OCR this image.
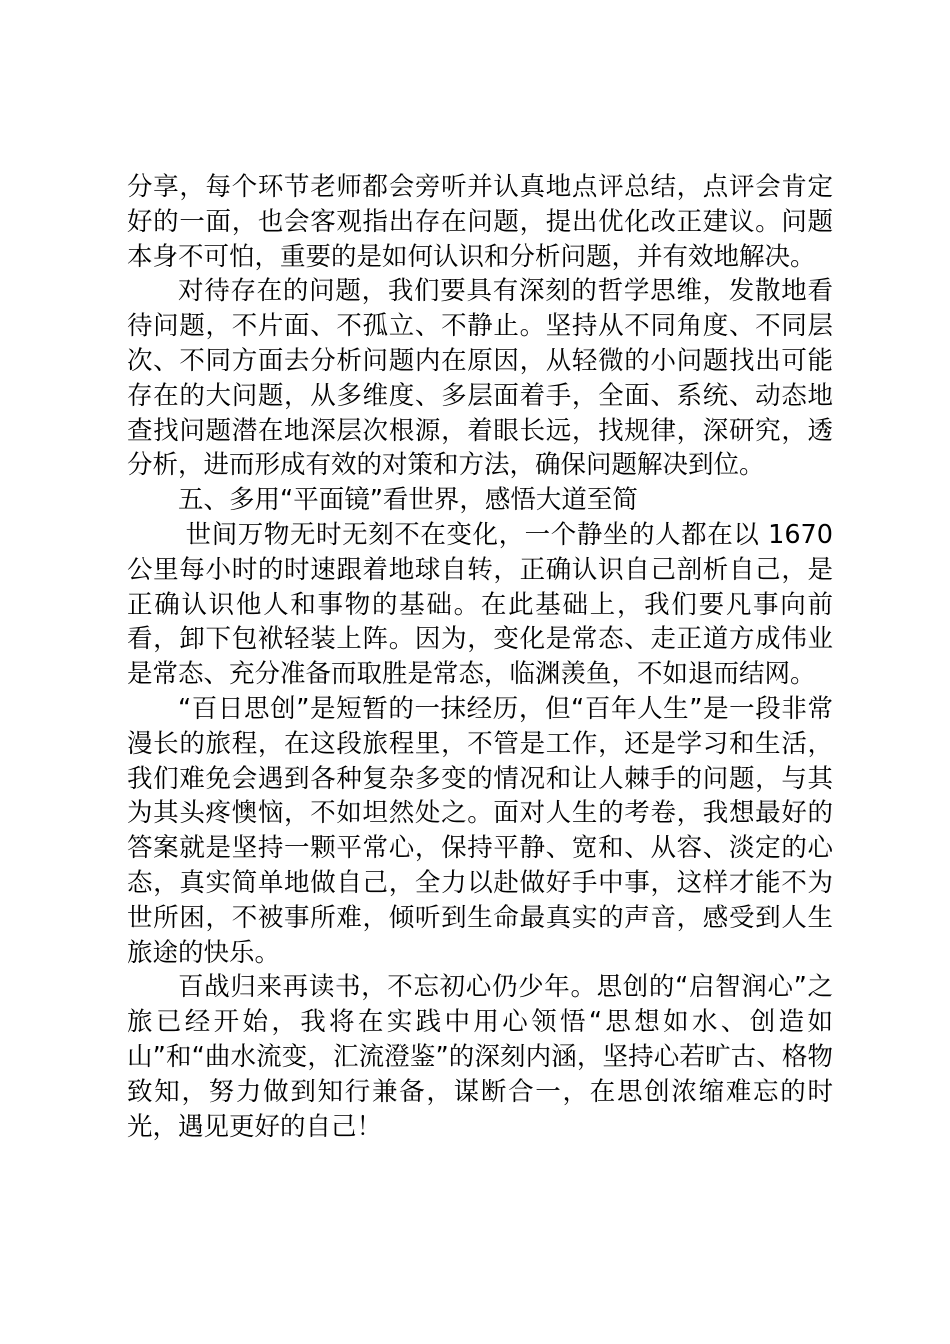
分享，每个环节老师都会旁听并认真地点评总结，点评会肯定好的一面，也会客观指出存在问题，提出优化改正建议。问题本身不可怕，重要的是如何认识和分析问题，并有效地解决。

对待存在的问题，我们要具有深刻的哲学思维，发散地看待问题，不片面、不孤立、不静止。坚持从不同角度、不同层次、不同方面去分析问题内在原因，从轻微的小问题找出可能存在的大问题，从多维度、多层面着手，全面、系统、动态地查找问题潜在地深层次根源，着眼长远，找规律，深研究，透分析，进而形成有效的对策和方法，确保问题解决到位。

五、多用“平面镜”看世界，感悟大道至简

世间万物无时无刻不在变化，一个静坐的人都在以 1670 公里每小时的时速跟着地球自转，正确认识自己剖析自己，是正确认识他人和事物的基础。在此基础上，我们要凡事向前看，卸下包袱轻装上阵。因为，变化是常态、走正道方成伟业是常态、充分准备而取胜是常态，临渊羡鱼，不如退而结网。

“百日思创”是短暂的一抹经历，但“百年人生”是一段非常漫长的旅程，在这段旅程里，不管是工作，还是学习和生活，我们难免会遇到各种复杂多变的情况和让人棘手的问题，与其为其头疼懊恼，不如坦然处之。面对人生的考卷，我想最好的答案就是坚持一颗平常心，保持平静、宽和、从容、淡定的心态，真实简单地做自己，全力以赴做好手中事，这样才能不为世所困，不被事所难，倾听到生命最真实的声音，感受到人生旅途的快乐。

百战归来再读书，不忘初心仍少年。思创的“启智润心”之旅已经开始，我将在实践中用心领悟“思想如水、创造如山”和“曲水流变，汇流澄鉴”的深刻内涵，坚持心若旷古、格物致知，努力做到知行兼备，谋断合一，在思创浓缩难忘的时光，遇见更好的自己！
